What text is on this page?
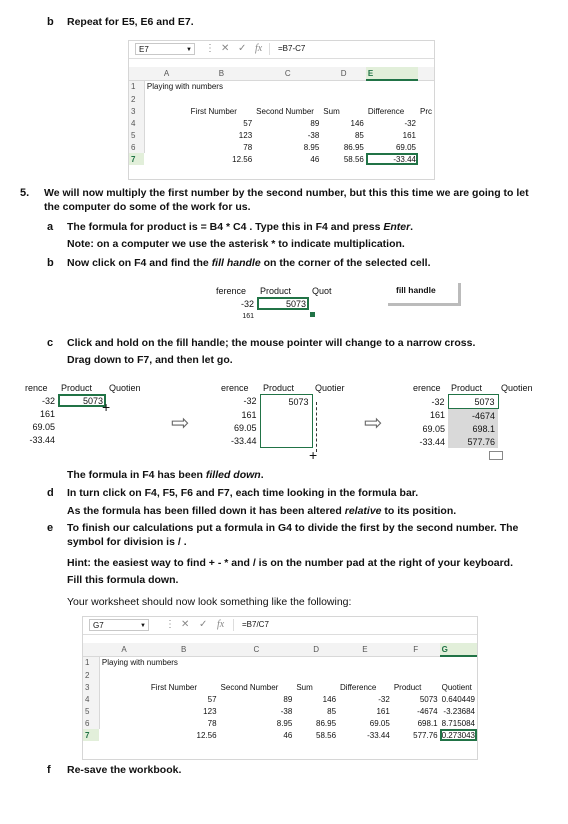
b Repeat for E5, E6 and E7.
E7	▼ ⋮ ✕ ✓ fx	=B7-C7
	A	B	C	D	E	
1	Playing with numbers					
2						
3		First Number	Second Number	Sum	Difference	Prc
4		57	89	146	-32	
5		123	-38	85	161	
6		78	8.95	86.95	69.05	
7		12.56	46	58.56	-33.44	
5. We will now multiply the first number by the second number, but this this time we are going to let the computer do some of the work for us.
a The formula for product is = B4 * C4 . Type this in F4 and press Enter.
Note: on a computer we use the asterisk * to indicate multiplication.
b Now click on F4 and find the fill handle on the corner of the selected cell.
ference	Product	Quot
-32	5073	
161		
fill handle
c Click and hold on the fill handle; the mouse pointer will change to a narrow cross.
Drag down to F7, and then let go.
rence	Product	Quotien
-32	5073	
161		
69.05		
-33.44		
+
⇨
erence	Product	Quotier
-32	5073	
161		
69.05		
-33.44		
+
⇨
erence	Product	Quotien
-32	5073	
161	-4674	
69.05	698.1	
-33.44	577.76	
The formula in F4 has been filled down.
d In turn click on F4, F5, F6 and F7, each time looking in the formula bar.
As the formula has been filled down it has been altered relative to its position.
e To finish our calculations put a formula in G4 to divide the first by the second number. The symbol for division is / .
Hint: the easiest way to find + - * and / is on the number pad at the right of your keyboard.
Fill this formula down.
Your worksheet should now look something like the following:
G7	▼ ⋮ ✕ ✓ fx	=B7/C7
	A	B	C	D	E	F	G
1	Playing with numbers						
2							
3		First Number	Second Number	Sum	Difference	Product	Quotient
4		57	89	146	-32	5073	0.640449
5		123	-38	85	161	-4674	-3.23684
6		78	8.95	86.95	69.05	698.1	8.715084
7		12.56	46	58.56	-33.44	577.76	0.273043
f Re-save the workbook.
